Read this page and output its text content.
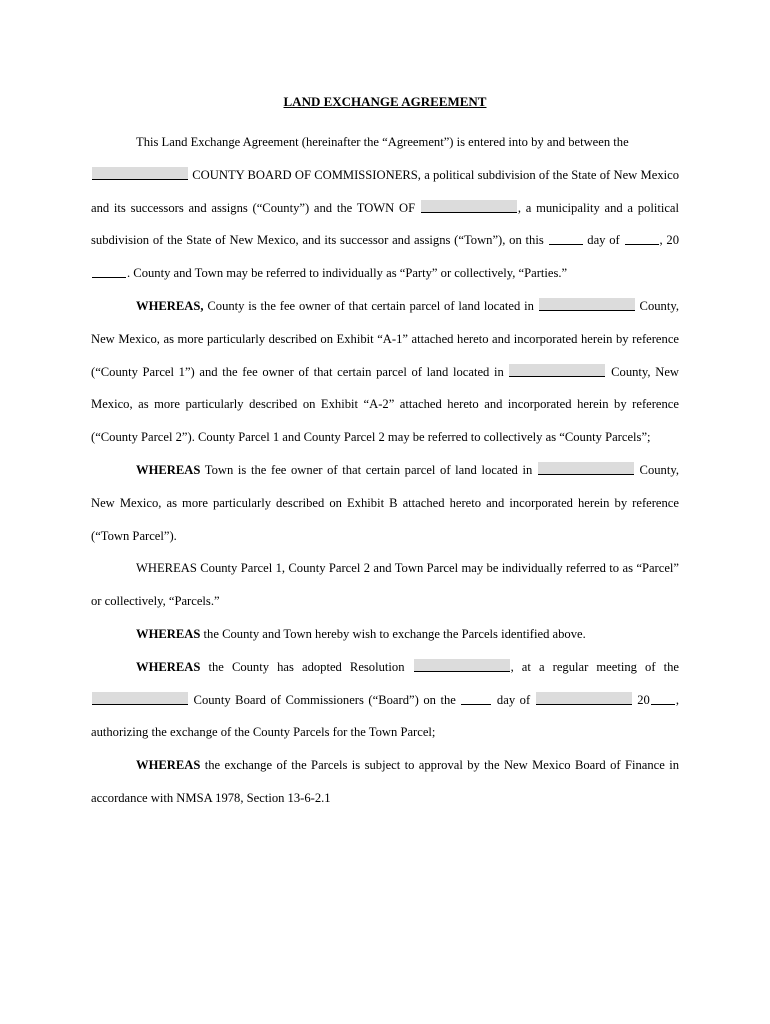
LAND EXCHANGE AGREEMENT

This Land Exchange Agreement (hereinafter the “Agreement”) is entered into by and between the
COUNTY BOARD OF COMMISSIONERS, a political subdivision of the State of New Mexico and its successors and assigns (“County”) and the TOWN OF	, a municipality and a political subdivision of the State of New Mexico, and its successor and assigns (“Town”), on this	day of	, 20. County and Town may be referred to individually as “Party” or collectively, “Parties.”

WHEREAS, County is the fee owner of that certain parcel of land located in	County, New Mexico, as more particularly described on Exhibit “A-1” attached hereto and incorporated herein by reference (“County Parcel 1”) and the fee owner of that certain parcel of land located in	County, New Mexico, as more particularly described on Exhibit “A-2” attached hereto and incorporated herein by reference (“County Parcel 2”). County Parcel 1 and County Parcel 2 may be referred to collectively as “County Parcels”;

WHEREAS Town is the fee owner of that certain parcel of land located in	County, New Mexico, as more particularly described on Exhibit B attached hereto and incorporated herein by reference (“Town Parcel”).

WHEREAS County Parcel 1, County Parcel 2 and Town Parcel may be individually referred to as “Parcel” or collectively, “Parcels.”

WHEREAS the County and Town hereby wish to exchange the Parcels identified above.

WHEREAS the County has adopted Resolution	, at a regular meeting of the  County Board of Commissioners (“Board”) on the	day of	20 , authorizing the exchange of the County Parcels for the Town Parcel;

WHEREAS the exchange of the Parcels is subject to approval by the New Mexico Board of Finance in accordance with NMSA 1978, Section 13-6-2.1
